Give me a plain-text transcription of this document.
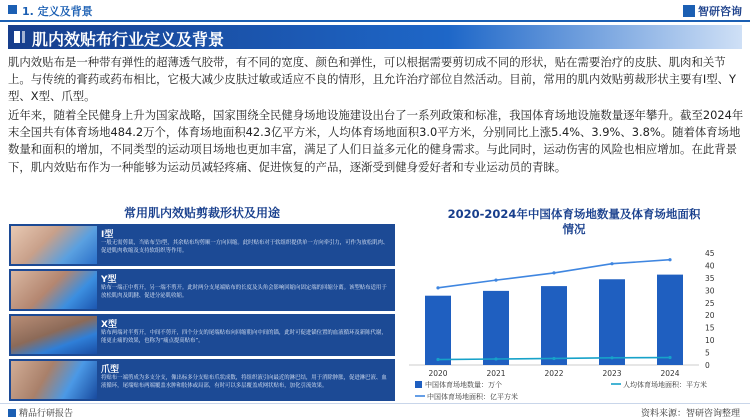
1. 定义及背景	智研咨询
肌内效贴布行业定义及背景

肌内效贴布是一种带有弹性的超薄透气胶带，有不同的宽度、颜色和弹性，可以根据需要剪切成不同的形状，贴在需要治疗的皮肤、肌肉和关节上。与传统的膏药或药布相比，它极大减少皮肤过敏或适应不良的情形，且允许治疗部位自然活动。目前，常用的肌内效贴剪裁形状主要有I型、Y型、X型、爪型。

近年来，随着全民健身上升为国家战略，国家围绕全民健身场地设施建设出台了一系列政策和标准，我国体育场地设施数量逐年攀升。截至2024年末全国共有体育场地484.2万个，体育场地面积42.3亿平方米，人均体育场地面积3.0平方米，分别同比上涨5.4%、3.9%、3.8%。随着体育场地数量和面积的增加，不同类型的运动项目场地也更加丰富，满足了人们日益多元化的健身需求。与此同时，运动伤害的风险也相应增加。在此背景下，肌内效贴布作为一种能够为运动员减轻疼痛、促进恢复的产品，逐渐受到健身爱好者和专业运动员的青睐。

常用肌内效贴剪裁形状及用途
I型
一般无需剪裁，当贴布呈I型，其余贴布均剪顺一方向回缩。此时贴布对于软组织提供单一方向牵引力，可作为放松肌肉、促进肌肉收缩及支持软组织等作用。
Y型
贴布一端正中剪开，另一端不剪开。此时两分支尾端贴布的长度及头角会影响回缩向固定端的回缩分离。该型贴布适用于放松肌肉及肌腱、促进分泌肌收缩。
X型
贴布两端对半剪开，中间不剪开，四个分支的尾端贴布向回缩朝向中间的锚，此时可促进锚位置的血液循环及新陈代谢，能更止痛的效果，也称为“痛点提高贴布”。
爪型
将贴布一端剪成为多支分支，像出标多分支贴布爪状成数，将组织液引向最近的淋巴结，用于消除肿胀，促进淋巴液、血液循环，尾端贴布两端覆盖水肿和肢体或局部，有时可以多层覆盖成网状贴布，加化引流效果。
2020-2024年中国体育场地数量及体育场地面积
情况
0
5
10
15
20
25
30
35
40
45
2020	2021	2022	2023	2024
中国体育场地数量：万个	人均体育场地面积：平方米
中国体育场地面积：亿平方米
精品行研报告	资料来源：智研咨询整理
